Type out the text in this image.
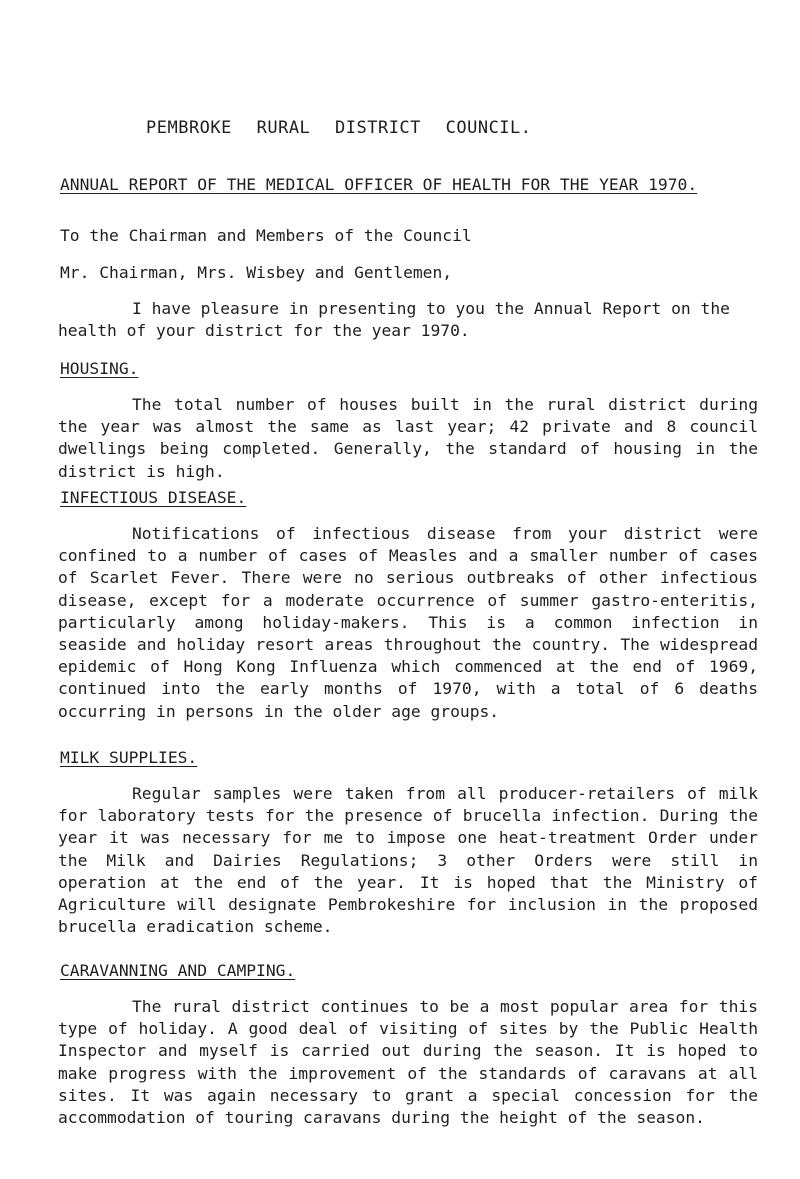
PEMBROKE RURAL DISTRICT COUNCIL.
ANNUAL REPORT OF THE MEDICAL OFFICER OF HEALTH FOR THE YEAR 1970.

To the Chairman and Members of the Council

Mr. Chairman, Mrs. Wisbey and Gentlemen,

I have pleasure in presenting to you the Annual Report on the health of your district for the year 1970.

HOUSING.

The total number of houses built in the rural district during the year was almost the same as last year; 42 private and 8 council dwellings being completed. Generally, the standard of housing in the district is high.

INFECTIOUS DISEASE.

Notifications of infectious disease from your district were confined to a number of cases of Measles and a smaller number of cases of Scarlet Fever. There were no serious outbreaks of other infectious disease, except for a moderate occurrence of summer gastro-enteritis, particularly among holiday-makers. This is a common infection in seaside and holiday resort areas throughout the country. The widespread epidemic of Hong Kong Influenza which commenced at the end of 1969, continued into the early months of 1970, with a total of 6 deaths occurring in persons in the older age groups.

MILK SUPPLIES.

Regular samples were taken from all producer-retailers of milk for laboratory tests for the presence of brucella infection. During the year it was necessary for me to impose one heat-treatment Order under the Milk and Dairies Regulations; 3 other Orders were still in operation at the end of the year. It is hoped that the Ministry of Agriculture will designate Pembrokeshire for inclusion in the proposed brucella eradication scheme.

CARAVANNING AND CAMPING.

The rural district continues to be a most popular area for this type of holiday. A good deal of visiting of sites by the Public Health Inspector and myself is carried out during the season. It is hoped to make progress with the improvement of the standards of caravans at all sites. It was again necessary to grant a special concession for the accommodation of touring caravans during the height of the season.
